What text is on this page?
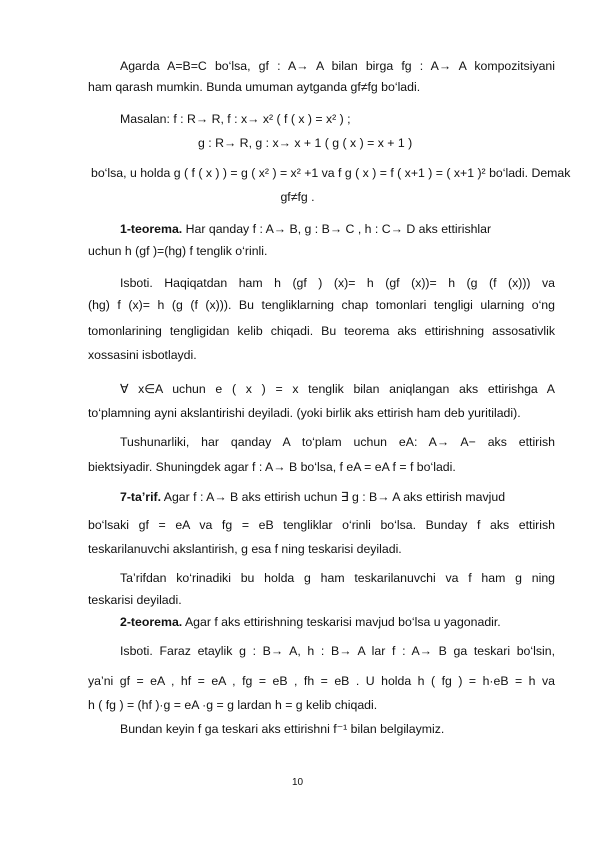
Agarda A=B=C bo‘lsa, gf : A→ A bilan birga fg : A→ A kompozitsiyani
ham qarash mumkin. Bunda umuman aytganda gf≠fg bo‘ladi.
Masalan: f : R→ R, f : x→ x² ( f ( x ) = x² ) ;
g : R→ R, g : x→ x + 1 ( g ( x ) = x + 1 )
bo‘lsa, u holda g ( f ( x ) ) = g ( x² ) = x² +1 va f g ( x ) = f ( x+1 ) = ( x+1 )² bo‘ladi. Demak
gf≠fg .
1-teorema. Har qanday f : A→ B, g : B→ C , h : C→ D aks ettirishlar
uchun h (gf )=(hg) f tenglik o‘rinli.
Isboti. Haqiqatdan ham h (gf ) (x)= h (gf (x))= h (g (f (x))) va
(hg) f (x)= h (g (f (x))). Bu tengliklarning chap tomonlari tengligi ularning o‘ng
tomonlarining tengligidan kelib chiqadi. Bu teorema aks ettirishning assosativlik
xossasini isbotlaydi.
∀ x∈A uchun e ( x ) = x tenglik bilan aniqlangan aks ettirishga A
to‘plamning ayni akslantirishi deyiladi. (yoki birlik aks ettirish ham deb yuritiladi).
Tushunarliki, har qanday A to‘plam uchun eA: A→ A− aks ettirish
biektsiyadir. Shuningdek agar f : A→ B bo‘lsa, f eA = eA f = f bo‘ladi.
7-ta’rif. Agar f : A→ B aks ettirish uchun ∃ g : B→ A aks ettirish mavjud
bo‘lsaki gf = eA va fg = eB tengliklar o‘rinli bo‘lsa. Bunday f aks ettirish
teskarilanuvchi akslantirish, g esa f ning teskarisi deyiladi.
Ta’rifdan ko‘rinadiki bu holda g ham teskarilanuvchi va f ham g ning
teskarisi deyiladi.
2-teorema. Agar f aks ettirishning teskarisi mavjud bo‘lsa u yagonadir.
Isboti. Faraz etaylik g : B→ A, h : B→ A lar f : A→ B ga teskari bo‘lsin,
ya’ni gf = eA , hf = eA , fg = eB , fh = eB . U holda h ( fg ) = h·eB = h va
h ( fg ) = (hf )·g = eA ·g = g lardan h = g kelib chiqadi.
Bundan keyin f ga teskari aks ettirishni f⁻¹ bilan belgilaymiz.
10
